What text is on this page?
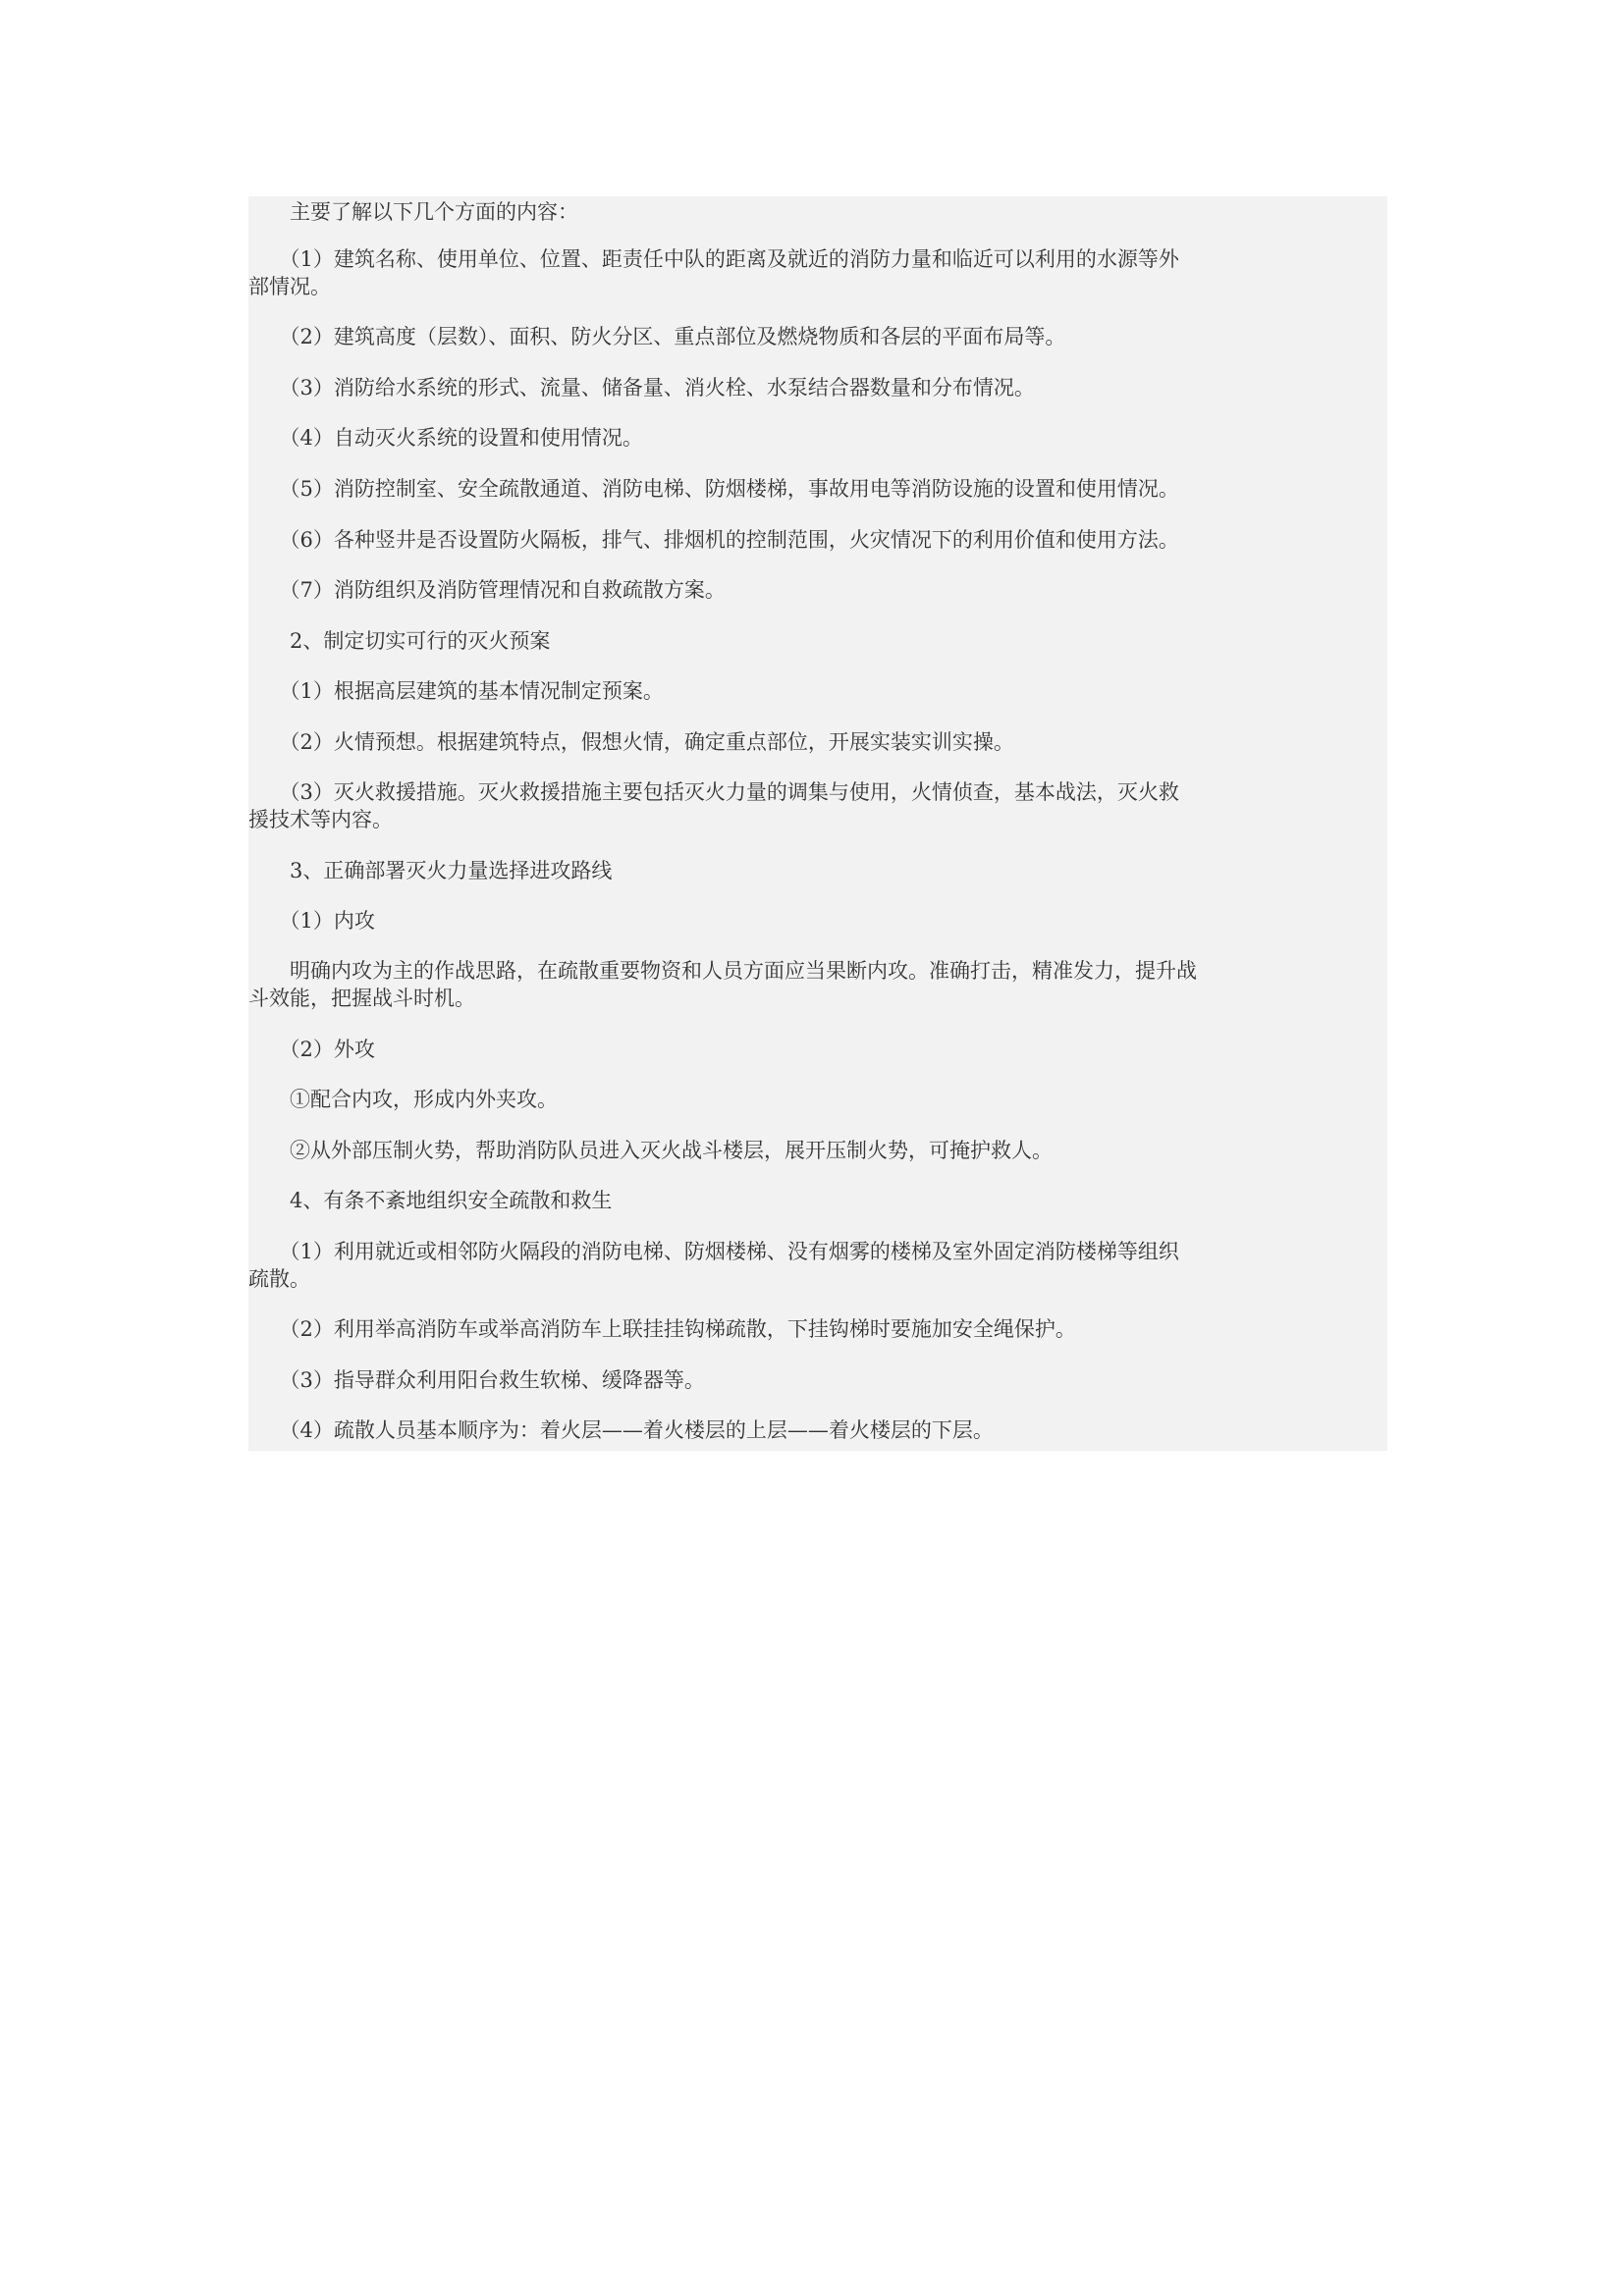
　　主要了解以下几个方面的内容：

　　（1）建筑名称、使用单位、位置、距责任中队的距离及就近的消防力量和临近可以利用的水源等外
部情况。

　　（2）建筑高度（层数）、面积、防火分区、重点部位及燃烧物质和各层的平面布局等。

　　（3）消防给水系统的形式、流量、储备量、消火栓、水泵结合器数量和分布情况。

　　（4）自动灭火系统的设置和使用情况。

　　（5）消防控制室、安全疏散通道、消防电梯、防烟楼梯，事故用电等消防设施的设置和使用情况。

　　（6）各种竖井是否设置防火隔板，排气、排烟机的控制范围，火灾情况下的利用价值和使用方法。

　　（7）消防组织及消防管理情况和自救疏散方案。

　　2、制定切实可行的灭火预案

　　（1）根据高层建筑的基本情况制定预案。

　　（2）火情预想。根据建筑特点，假想火情，确定重点部位，开展实装实训实操。

　　（3）灭火救援措施。灭火救援措施主要包括灭火力量的调集与使用，火情侦查，基本战法，灭火救
援技术等内容。

　　3、正确部署灭火力量选择进攻路线

　　（1）内攻

　　明确内攻为主的作战思路，在疏散重要物资和人员方面应当果断内攻。准确打击，精准发力，提升战
斗效能，把握战斗时机。

　　（2）外攻

　　①配合内攻，形成内外夹攻。

　　②从外部压制火势，帮助消防队员进入灭火战斗楼层，展开压制火势，可掩护救人。

　　4、有条不紊地组织安全疏散和救生

　　（1）利用就近或相邻防火隔段的消防电梯、防烟楼梯、没有烟雾的楼梯及室外固定消防楼梯等组织
疏散。

　　（2）利用举高消防车或举高消防车上联挂挂钩梯疏散，下挂钩梯时要施加安全绳保护。

　　（3）指导群众利用阳台救生软梯、缓降器等。

　　（4）疏散人员基本顺序为：着火层——着火楼层的上层——着火楼层的下层。
